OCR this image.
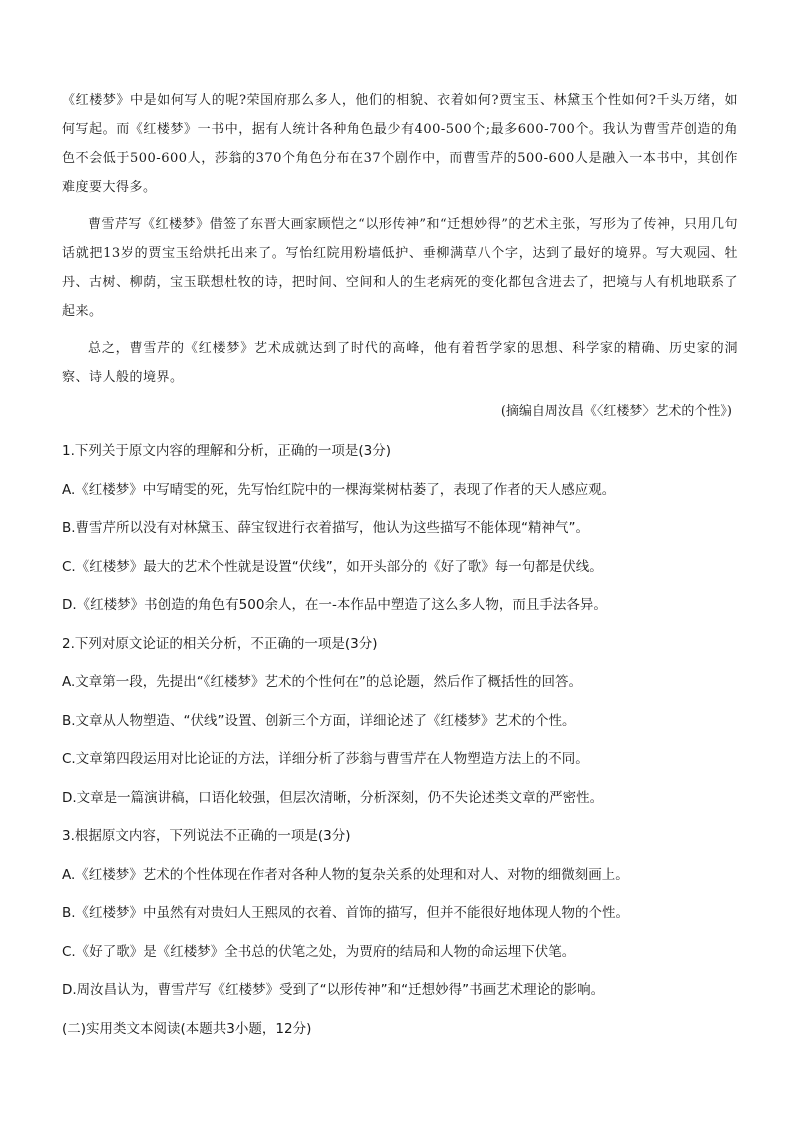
《红楼梦》中是如何写人的呢?荣国府那么多人，他们的相貌、衣着如何?贾宝玉、林黛玉个性如何?千头万绪，如何写起。而《红楼梦》一书中，据有人统计各种角色最少有400-500个;最多600-700个。我认为曹雪芹创造的角色不会低于500-600人，莎翁的370个角色分布在37个剧作中，而曹雪芹的500-600人是融入一本书中，其创作难度要大得多。

曹雪芹写《红楼梦》借签了东晋大画家顾恺之“以形传神”和“迁想妙得”的艺术主张，写形为了传神，只用几句话就把13岁的贾宝玉给烘托出来了。写怡红院用粉墙低护、垂柳满草八个字，达到了最好的境界。写大观园、牡丹、古树、柳荫，宝玉联想杜牧的诗，把时间、空间和人的生老病死的变化都包含进去了，把境与人有机地联系了起来。

总之，曹雪芹的《红楼梦》艺术成就达到了时代的高峰，他有着哲学家的思想、科学家的精确、历史家的洞察、诗人般的境界。

(摘编自周汝昌《〈红楼梦〉艺术的个性》)

1.下列关于原文内容的理解和分析，正确的一项是(3分)

A.《红楼梦》中写晴雯的死，先写怡红院中的一棵海棠树枯萎了，表现了作者的天人感应观。

B.曹雪芹所以没有对林黛玉、薛宝钗进行衣着描写，他认为这些描写不能体现“精神气”。

C.《红楼梦》最大的艺术个性就是设置“伏线”，如开头部分的《好了歌》每一句都是伏线。

D.《红楼梦》书创造的角色有500余人，在一-本作品中塑造了这么多人物，而且手法各异。

2.下列对原文论证的相关分析，不正确的一项是(3分)

A.文章第一段，先提出“《红楼梦》艺术的个性何在”的总论题，然后作了概括性的回答。

B.文章从人物塑造、“伏线”设置、创新三个方面，详细论述了《红楼梦》艺术的个性。

C.文章第四段运用对比论证的方法，详细分析了莎翁与曹雪芹在人物塑造方法上的不同。

D.文章是一篇演讲稿，口语化较强，但层次清晰，分析深刻，仍不失论述类文章的严密性。

3.根据原文内容，下列说法不正确的一项是(3分)

A.《红楼梦》艺术的个性体现在作者对各种人物的复杂关系的处理和对人、对物的细微刻画上。

B.《红楼梦》中虽然有对贵妇人王熙凤的衣着、首饰的描写，但并不能很好地体现人物的个性。

C.《好了歌》是《红楼梦》全书总的伏笔之处，为贾府的结局和人物的命运埋下伏笔。

D.周汝昌认为，曹雪芹写《红楼梦》受到了“以形传神”和“迁想妙得”书画艺术理论的影响。

(二)实用类文本阅读(本题共3小题，12分)
